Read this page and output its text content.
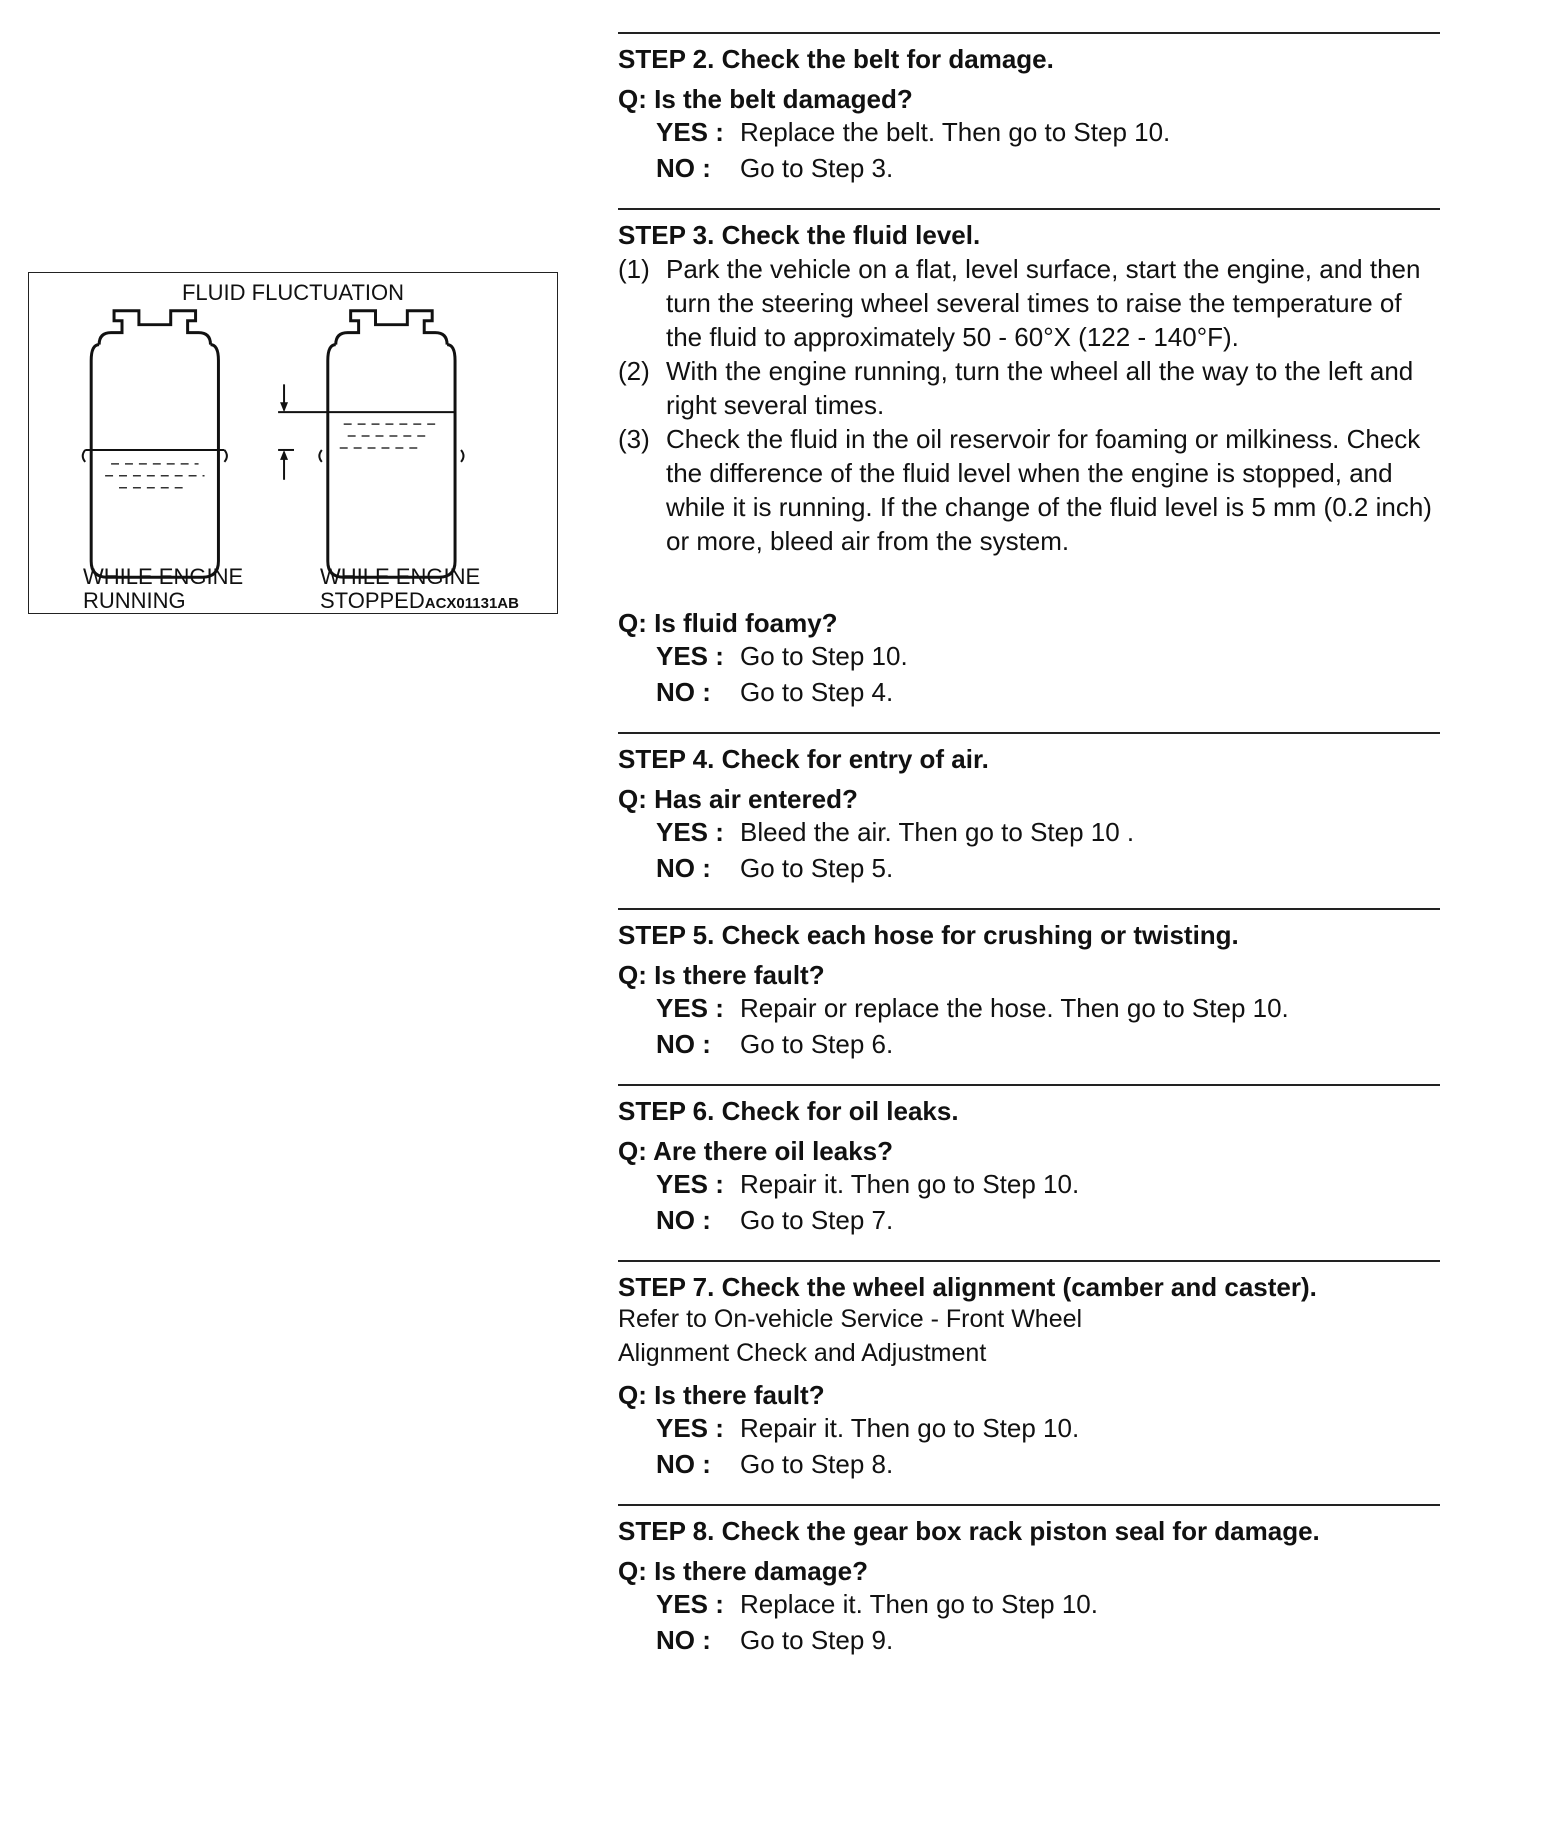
FLUID FLUCTUATION
WHILE ENGINE
RUNNING
WHILE ENGINE
STOPPEDACX01131AB
STEP 2. Check the belt for damage.
Q: Is the belt damaged?
YES : Replace the belt. Then go to Step 10.
NO : Go to Step 3.
STEP 3. Check the fluid level.
(1) Park the vehicle on a flat, level surface, start the engine, and then turn the steering wheel several times to raise the temperature of the fluid to approximately 50 - 60°X (122 - 140°F).
(2) With the engine running, turn the wheel all the way to the left and right several times.
(3) Check the fluid in the oil reservoir for foaming or milkiness. Check the difference of the fluid level when the engine is stopped, and while it is running. If the change of the fluid level is 5 mm (0.2 inch) or more, bleed air from the system.
Q: Is fluid foamy?
YES : Go to Step 10.
NO : Go to Step 4.
STEP 4. Check for entry of air.
Q: Has air entered?
YES : Bleed the air. Then go to Step 10 .
NO : Go to Step 5.
STEP 5. Check each hose for crushing or twisting.
Q: Is there fault?
YES : Repair or replace the hose. Then go to Step 10.
NO : Go to Step 6.
STEP 6. Check for oil leaks.
Q: Are there oil leaks?
YES : Repair it. Then go to Step 10.
NO : Go to Step 7.
STEP 7. Check the wheel alignment (camber and caster).
Refer to On-vehicle Service - Front Wheel
Alignment Check and Adjustment
Q: Is there fault?
YES : Repair it. Then go to Step 10.
NO : Go to Step 8.
STEP 8. Check the gear box rack piston seal for damage.
Q: Is there damage?
YES : Replace it. Then go to Step 10.
NO : Go to Step 9.
